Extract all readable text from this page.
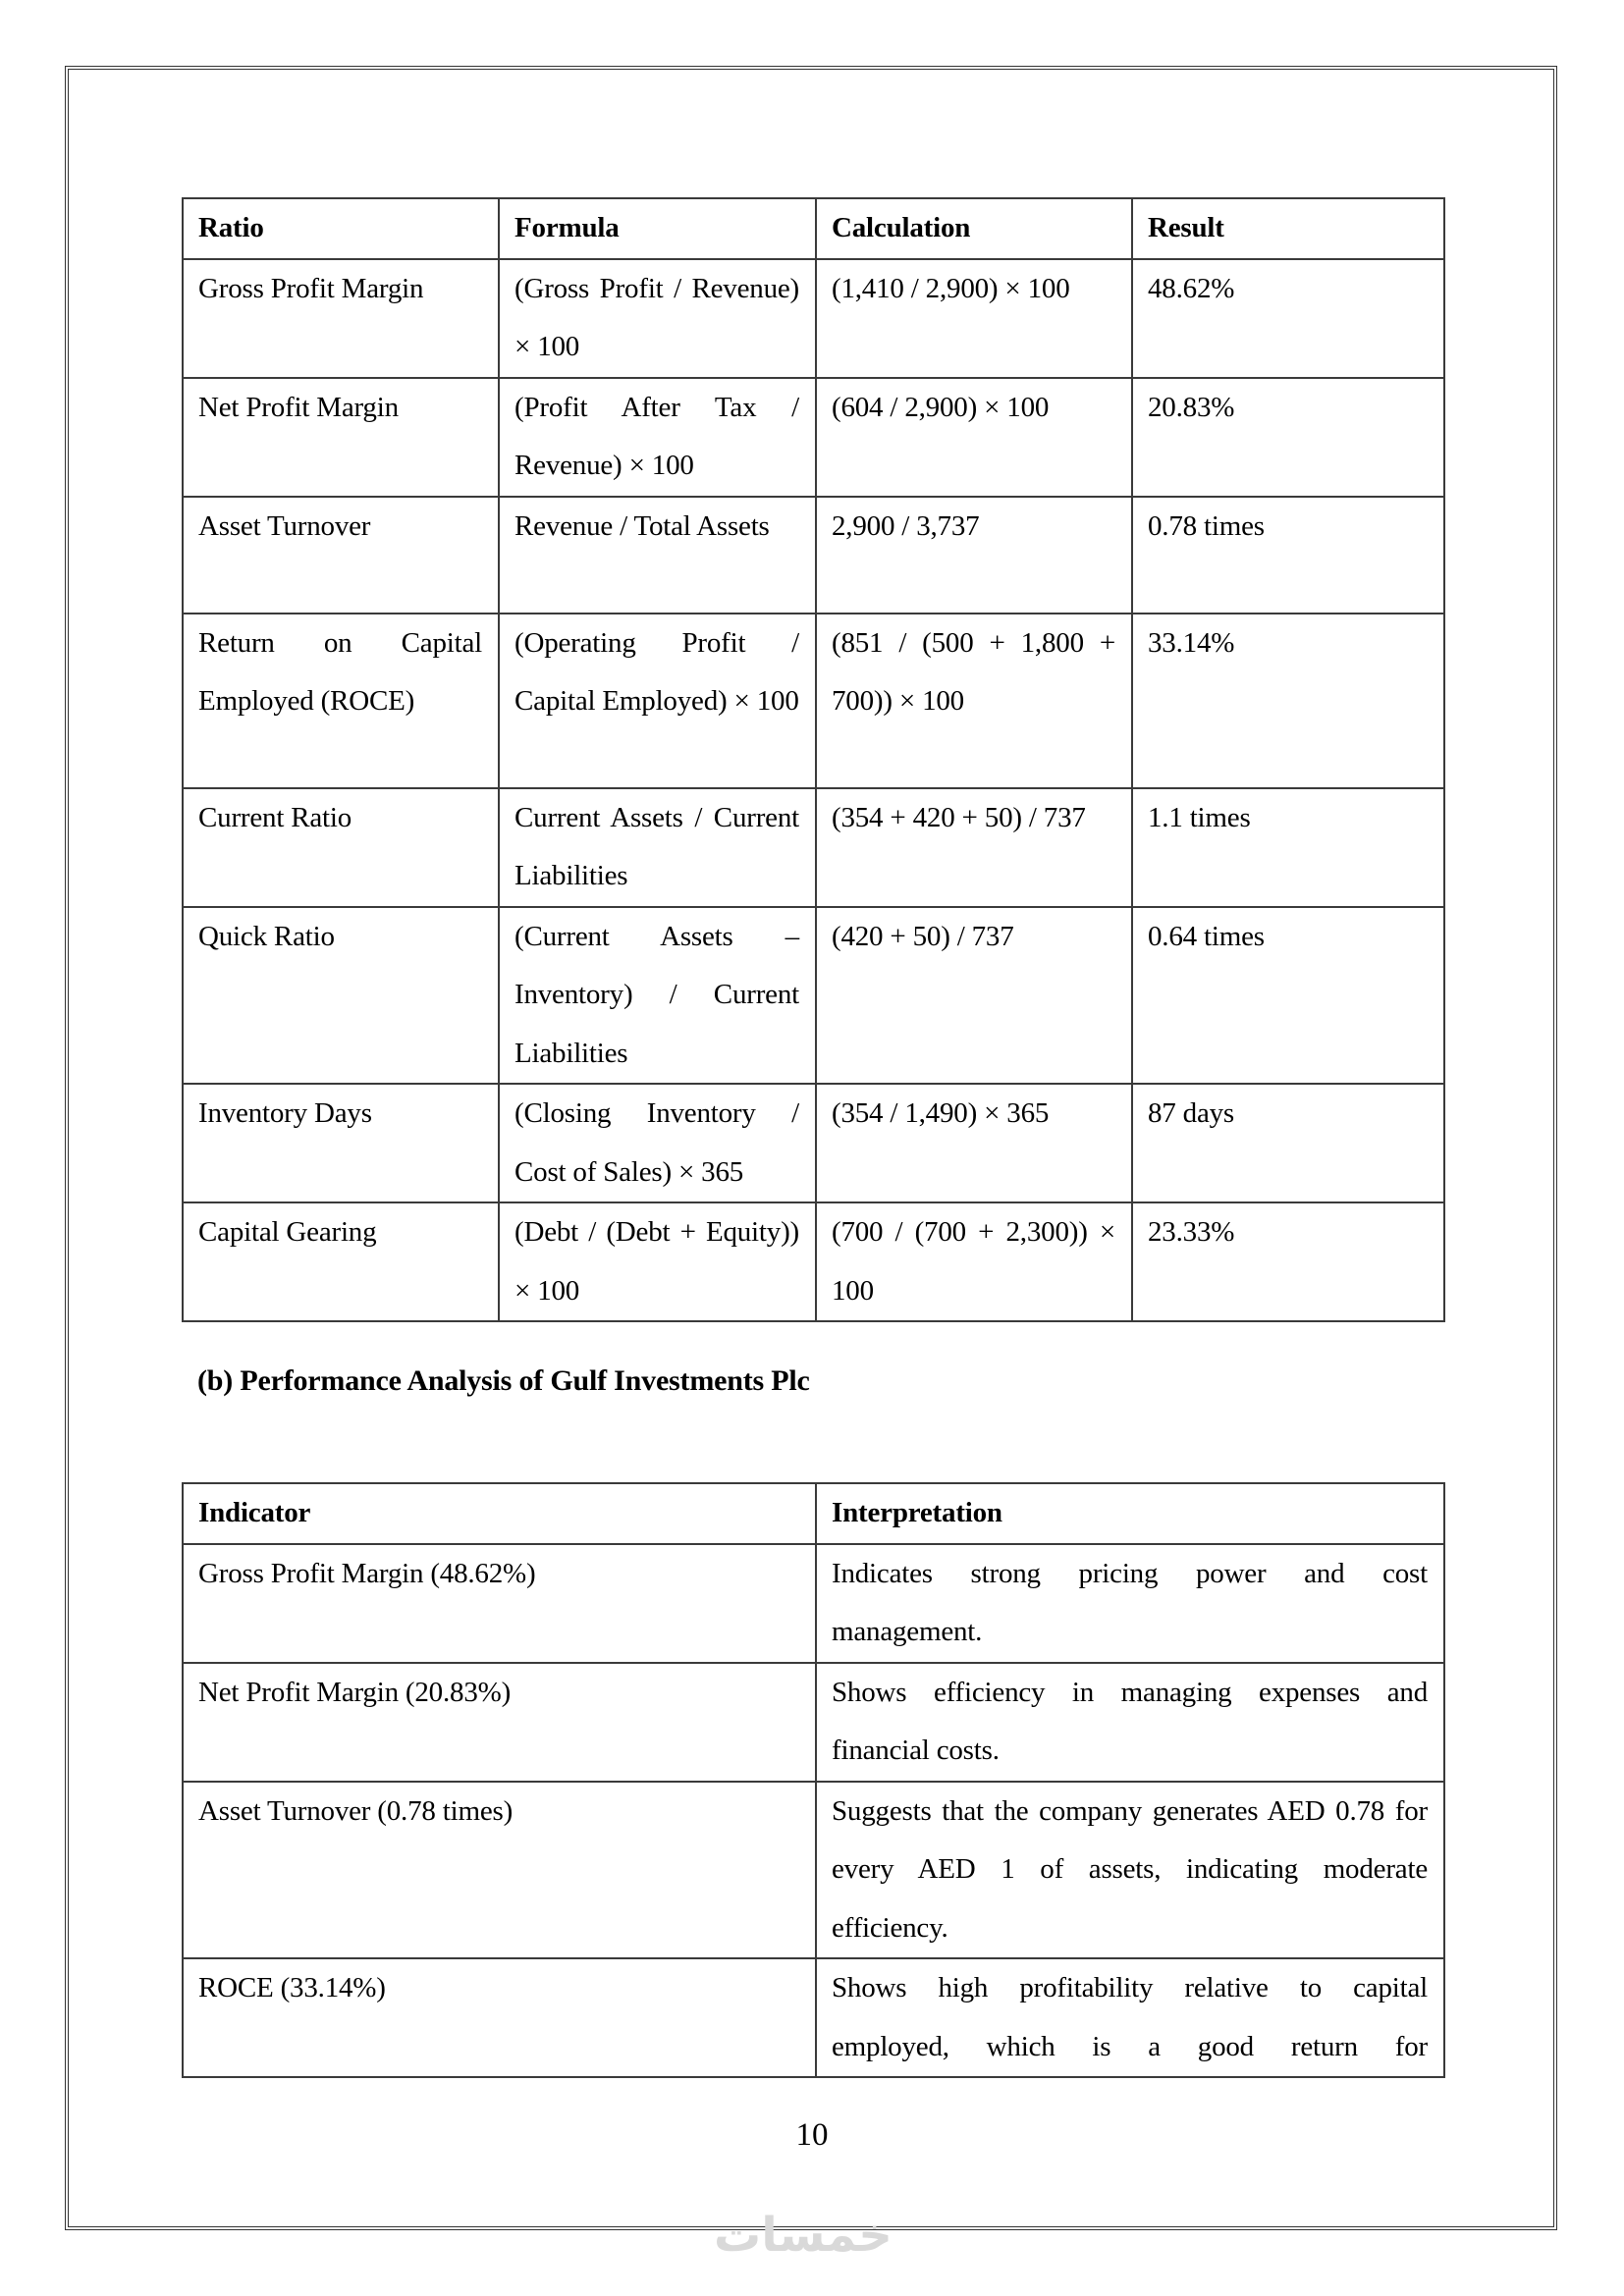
Ratio	Formula	Calculation	Result
Gross Profit Margin	(Gross Profit / Revenue) × 100	(1,410 / 2,900) × 100	48.62%
Net Profit Margin	(Profit After Tax / Revenue) × 100	(604 / 2,900) × 100	20.83%
Asset Turnover	Revenue / Total Assets	2,900 / 3,737	0.78 times
Return on Capital Employed (ROCE)	(Operating Profit / Capital Employed) × 100	(851 / (500 + 1,800 + 700)) × 100	33.14%
Current Ratio	Current Assets / Current Liabilities	(354 + 420 + 50) / 737	1.1 times
Quick Ratio	(Current Assets – Inventory) / Current Liabilities	(420 + 50) / 737	0.64 times
Inventory Days	(Closing Inventory / Cost of Sales) × 365	(354 / 1,490) × 365	87 days
Capital Gearing	(Debt / (Debt + Equity)) × 100	(700 / (700 + 2,300)) × 100	23.33%
(b) Performance Analysis of Gulf Investments Plc
Indicator	Interpretation
Gross Profit Margin (48.62%)	Indicates strong pricing power and cost management.
Net Profit Margin (20.83%)	Shows efficiency in managing expenses and financial costs.
Asset Turnover (0.78 times)	Suggests that the company generates AED 0.78 for every AED 1 of assets, indicating moderate efficiency.
ROCE (33.14%)	Shows high profitability relative to capital employed, which is a good return for
10
خمسات
